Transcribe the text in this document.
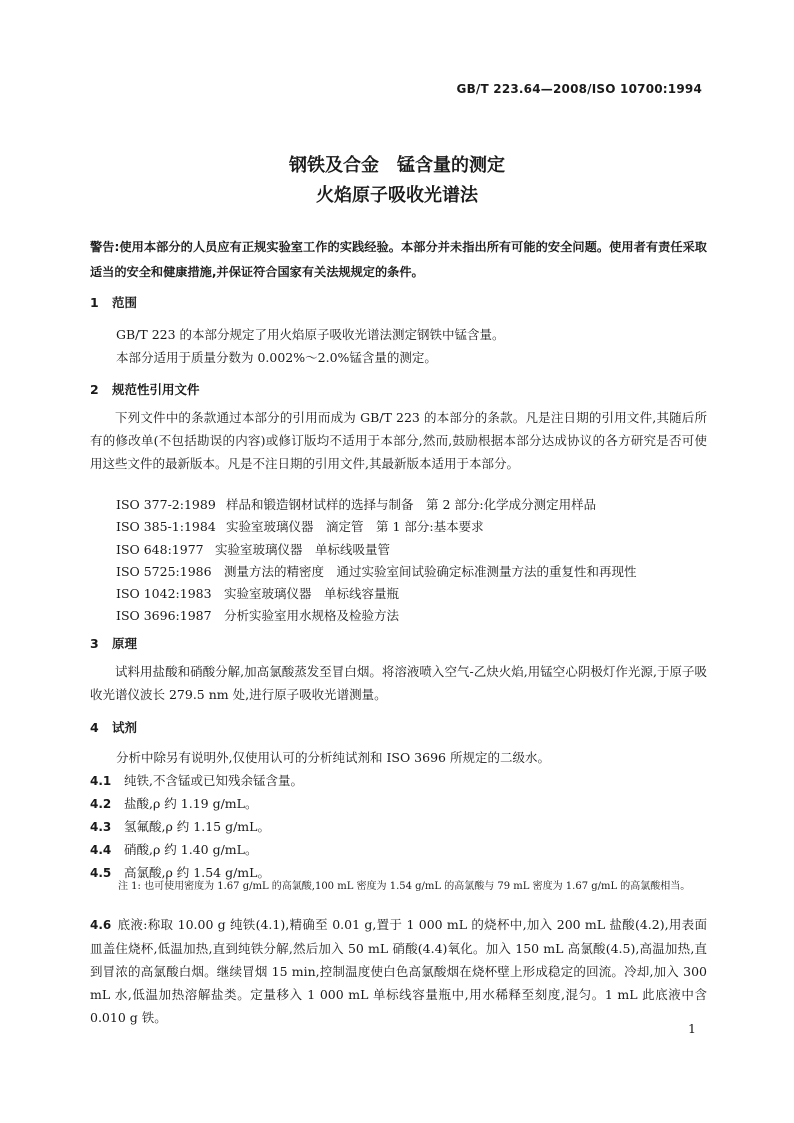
GB/T 223.64—2008/ISO 10700:1994
钢铁及合金　锰含量的测定
火焰原子吸收光谱法
警告:使用本部分的人员应有正规实验室工作的实践经验。本部分并未指出所有可能的安全问题。使用者有责任采取适当的安全和健康措施,并保证符合国家有关法规规定的条件。
1 范围
GB/T 223 的本部分规定了用火焰原子吸收光谱法测定钢铁中锰含量。
本部分适用于质量分数为 0.002%～2.0%锰含量的测定。
2 规范性引用文件
下列文件中的条款通过本部分的引用而成为 GB/T 223 的本部分的条款。凡是注日期的引用文件,其随后所有的修改单(不包括勘误的内容)或修订版均不适用于本部分,然而,鼓励根据本部分达成协议的各方研究是否可使用这些文件的最新版本。凡是不注日期的引用文件,其最新版本适用于本部分。
ISO 377-2:1989 样品和锻造钢材试样的选择与制备　第 2 部分:化学成分测定用样品
ISO 385-1:1984 实验室玻璃仪器　滴定管　第 1 部分:基本要求
ISO 648:1977 实验室玻璃仪器　单标线吸量管
ISO 5725:1986 测量方法的精密度　通过实验室间试验确定标准测量方法的重复性和再现性
ISO 1042:1983 实验室玻璃仪器　单标线容量瓶
ISO 3696:1987 分析实验室用水规格及检验方法
3 原理
试料用盐酸和硝酸分解,加高氯酸蒸发至冒白烟。将溶液喷入空气-乙炔火焰,用锰空心阴极灯作光源,于原子吸收光谱仪波长 279.5 nm 处,进行原子吸收光谱测量。
4 试剂
分析中除另有说明外,仅使用认可的分析纯试剂和 ISO 3696 所规定的二级水。
4.1 纯铁,不含锰或已知残余锰含量。
4.2 盐酸,ρ 约 1.19 g/mL。
4.3 氢氟酸,ρ 约 1.15 g/mL。
4.4 硝酸,ρ 约 1.40 g/mL。
4.5 高氯酸,ρ 约 1.54 g/mL。
注 1: 也可使用密度为 1.67 g/mL 的高氯酸,100 mL 密度为 1.54 g/mL 的高氯酸与 79 mL 密度为 1.67 g/mL 的高氯酸相当。
4.6 底液:称取 10.00 g 纯铁(4.1),精确至 0.01 g,置于 1 000 mL 的烧杯中,加入 200 mL 盐酸(4.2),用表面皿盖住烧杯,低温加热,直到纯铁分解,然后加入 50 mL 硝酸(4.4)氧化。加入 150 mL 高氯酸(4.5),高温加热,直到冒浓的高氯酸白烟。继续冒烟 15 min,控制温度使白色高氯酸烟在烧杯壁上形成稳定的回流。冷却,加入 300 mL 水,低温加热溶解盐类。定量移入 1 000 mL 单标线容量瓶中,用水稀释至刻度,混匀。1 mL 此底液中含 0.010 g 铁。
1
